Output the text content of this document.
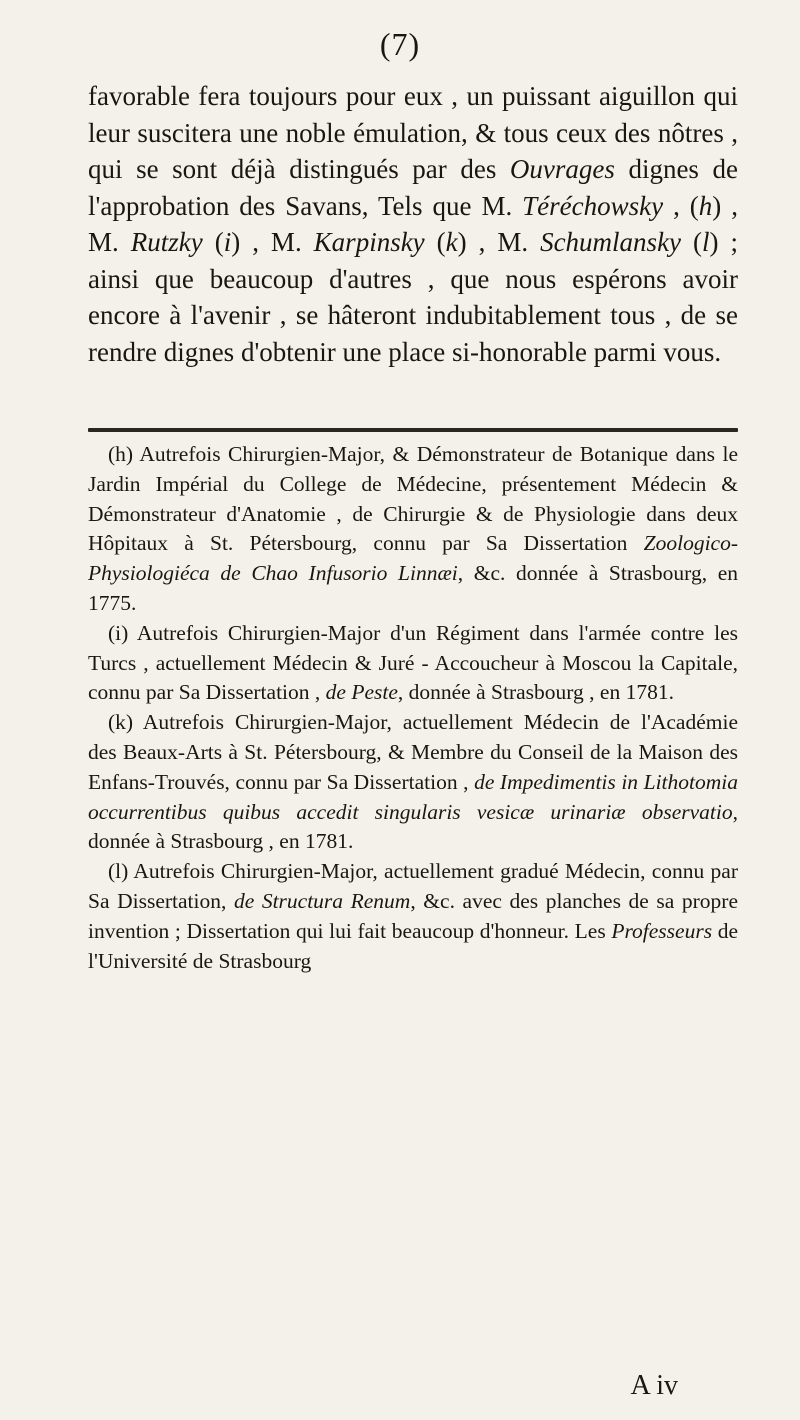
(7)

favorable fera toujours pour eux , un puissant aiguillon qui leur suscitera une noble émulation, & tous ceux des nôtres , qui se sont déjà distingués par des Ouvrages dignes de l'approbation des Savans, Tels que M. Téréchowsky , (h) , M. Rutzky (i) , M. Karpinsky (k) , M. Schumlansky (l) ; ainsi que beaucoup d'autres , que nous espérons avoir encore à l'avenir , se hâteront indubitablement tous , de se rendre dignes d'obtenir une place si-honorable parmi vous.

(h) Autrefois Chirurgien-Major, & Démonstrateur de Botanique dans le Jardin Impérial du College de Médecine, présentement Médecin & Démonstrateur d'Anatomie , de Chirurgie & de Physiologie dans deux Hôpitaux à St. Pétersbourg, connu par Sa Dissertation Zoologico-Physiologiéca de Chao Infusorio Linnæi, &c. donnée à Strasbourg, en 1775.

(i) Autrefois Chirurgien-Major d'un Régiment dans l'armée contre les Turcs , actuellement Médecin & Juré - Accoucheur à Moscou la Capitale, connu par Sa Dissertation , de Peste, donnée à Strasbourg , en 1781.

(k) Autrefois Chirurgien-Major, actuellement Médecin de l'Académie des Beaux-Arts à St. Pétersbourg, & Membre du Conseil de la Maison des Enfans-Trouvés, connu par Sa Dissertation , de Impedimentis in Lithotomia occurrentibus quibus accedit singularis vesicæ urinariæ observatio, donnée à Strasbourg , en 1781.

(l) Autrefois Chirurgien-Major, actuellement gradué Médecin, connu par Sa Dissertation, de Structura Renum, &c. avec des planches de sa propre invention ; Dissertation qui lui fait beaucoup d'honneur. Les Professeurs de l'Université de Strasbourg

A iv
